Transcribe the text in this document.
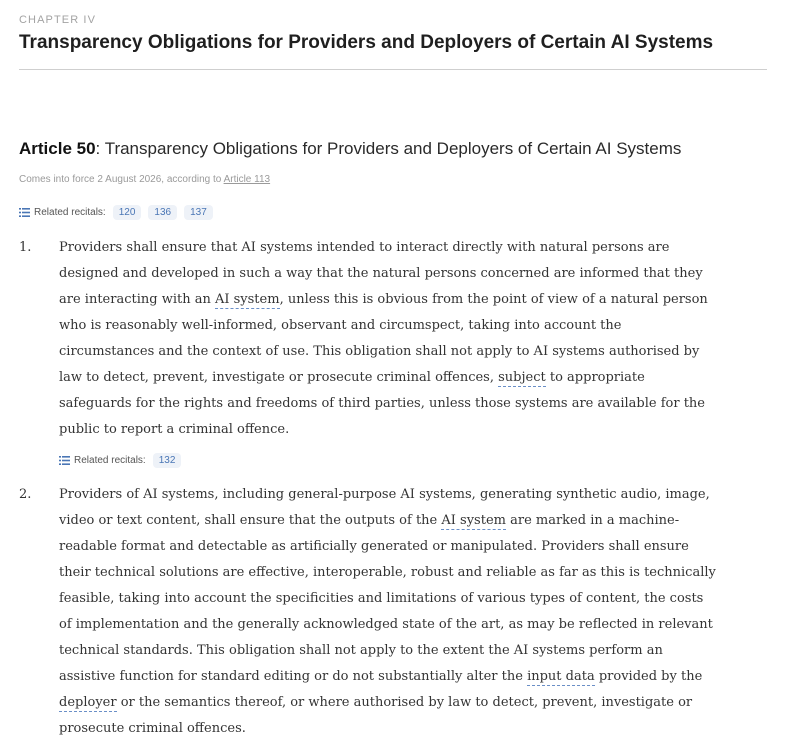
CHAPTER IV
Transparency Obligations for Providers and Deployers of Certain AI Systems
Article 50: Transparency Obligations for Providers and Deployers of Certain AI Systems
Comes into force 2 August 2026, according to Article 113
Related recitals:	120	136	137
1. Providers shall ensure that AI systems intended to interact directly with natural persons are
designed and developed in such a way that the natural persons concerned are informed that they
are interacting with an AI system, unless this is obvious from the point of view of a natural person
who is reasonably well-informed, observant and circumspect, taking into account the
circumstances and the context of use. This obligation shall not apply to AI systems authorised by
law to detect, prevent, investigate or prosecute criminal offences, subject to appropriate
safeguards for the rights and freedoms of third parties, unless those systems are available for the
public to report a criminal offence.
Related recitals:	132
2. Providers of AI systems, including general-purpose AI systems, generating synthetic audio, image,
video or text content, shall ensure that the outputs of the AI system are marked in a machine-
readable format and detectable as artificially generated or manipulated. Providers shall ensure
their technical solutions are effective, interoperable, robust and reliable as far as this is technically
feasible, taking into account the specificities and limitations of various types of content, the costs
of implementation and the generally acknowledged state of the art, as may be reflected in relevant
technical standards. This obligation shall not apply to the extent the AI systems perform an
assistive function for standard editing or do not substantially alter the input data provided by the
deployer or the semantics thereof, or where authorised by law to detect, prevent, investigate or
prosecute criminal offences.
